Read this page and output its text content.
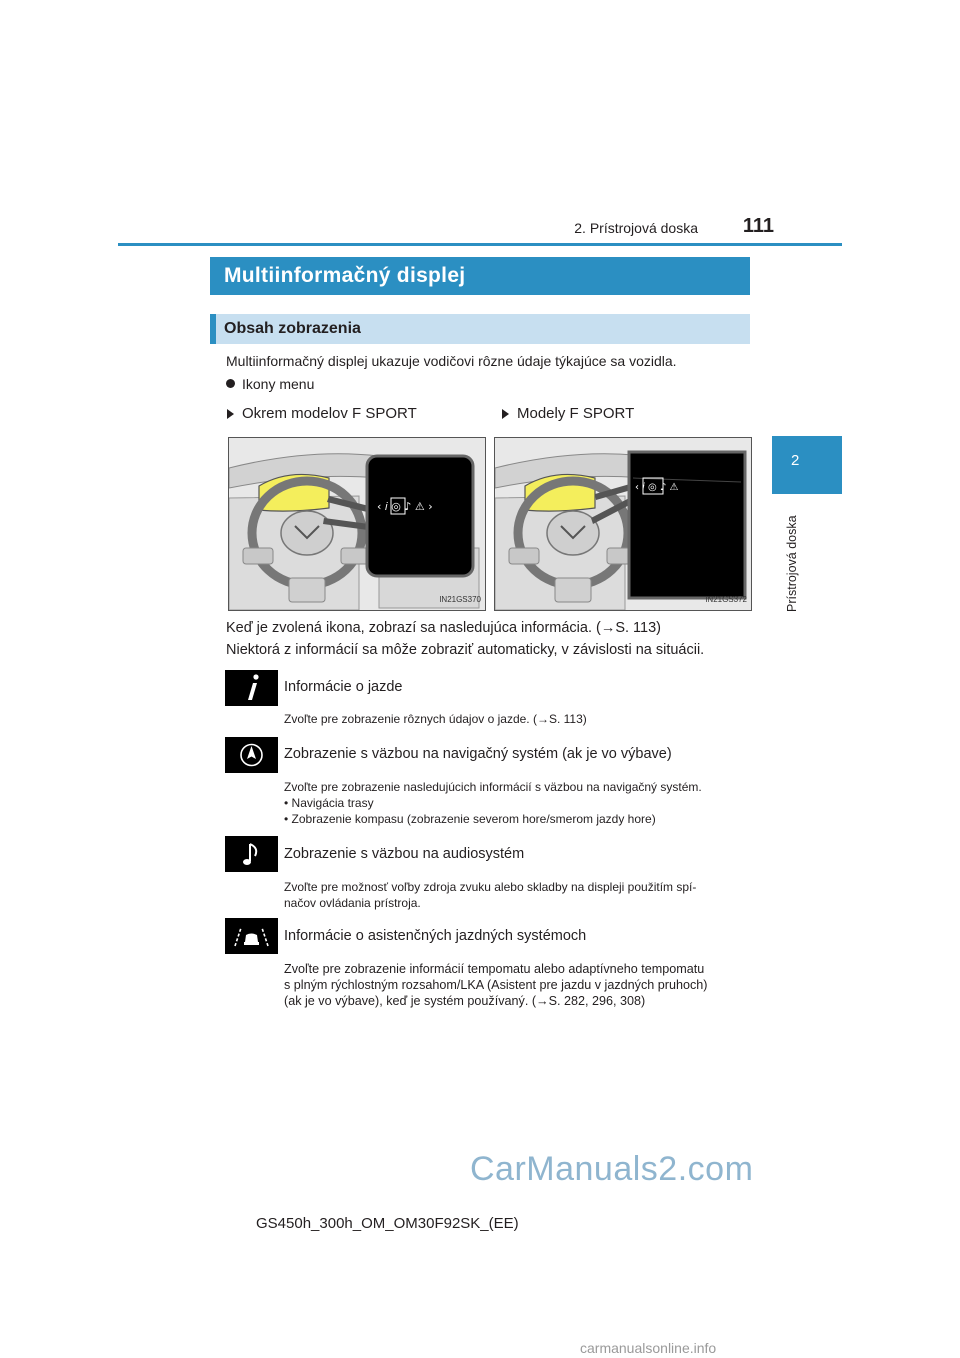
2. Prístrojová doska	111
2
Prístrojová doska
Multiinformačný displej
Obsah zobrazenia
Multiinformačný displej ukazuje vodičovi rôzne údaje týkajúce sa vozidla.
Ikony menu
Okrem modelov F SPORT	Modely F SPORT
‹ 𝑖 ◎ ♪ ⚠ ›
IN21GS370
‹ 𝑖 ◎ ♪ ⚠
IN21GS372
Keď je zvolená ikona, zobrazí sa nasledujúca informácia. (→S. 113)
Niektorá z informácií sa môže zobraziť automaticky, v závislosti na situácii.
Informácie o jazde
Zvoľte pre zobrazenie rôznych údajov o jazde. (→S. 113)
Zobrazenie s väzbou na navigačný systém (ak je vo výbave)
Zvoľte pre zobrazenie nasledujúcich informácií s väzbou na navigačný systém.
• Navigácia trasy
• Zobrazenie kompasu (zobrazenie severom hore/smerom jazdy hore)
Zobrazenie s väzbou na audiosystém
Zvoľte pre možnosť voľby zdroja zvuku alebo skladby na displeji použitím spí-
načov ovládania prístroja.
Informácie o asistenčných jazdných systémoch
Zvoľte pre zobrazenie informácií tempomatu alebo adaptívneho tempomatu
s plným rýchlostným rozsahom/LKA (Asistent pre jazdu v jazdných pruhoch)
(ak je vo výbave), keď je systém používaný. (→S. 282, 296, 308)
CarManuals2.com
GS450h_300h_OM_OM30F92SK_(EE)
carmanualsonline.info
